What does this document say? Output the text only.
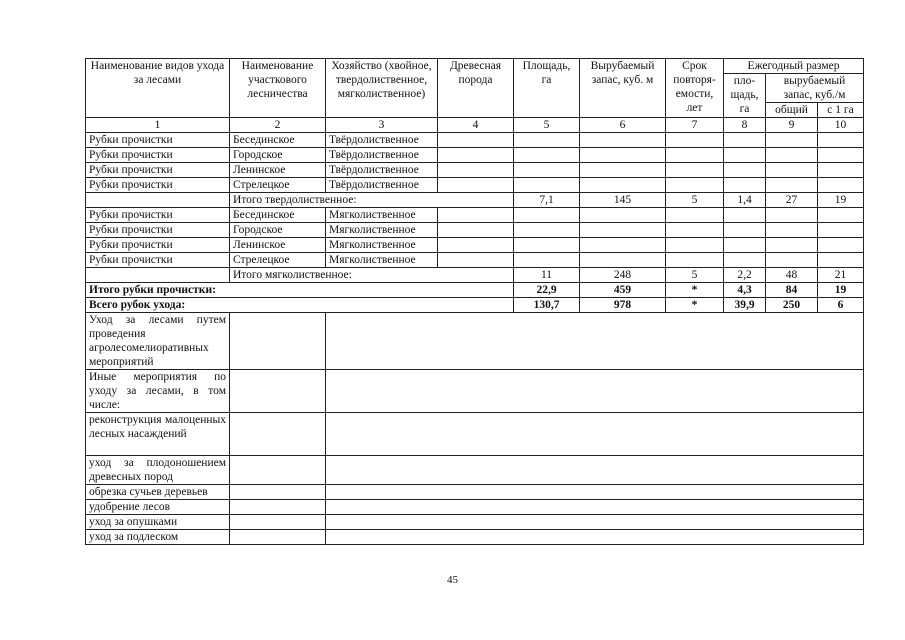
Наименование видов ухода за лесами	Наименование участкового лесничества	Хозяйство (хвойное, твердолиственное, мягколиственное)	Древесная порода	Площадь, га	Вырубаемый запас, куб. м	Срок повторя-емости, лет	Ежегодный размер		
							пло-щадь, га	вырубаемый запас, куб./м	

								общий	с 1 га
1	2	3	4	5	6	7	8	9	10
Рубки прочистки	Бесединское	Твёрдолиственное							
Рубки прочистки	Городское	Твёрдолиственное							
Рубки прочистки	Ленинское	Твёрдолиственное							
Рубки прочистки	Стрелецкое	Твёрдолиственное							
	Итого твердолиственное:			7,1	145	5	1,4	27	19
Рубки прочистки	Бесединское	Мягколиственное							
Рубки прочистки	Городское	Мягколиственное							
Рубки прочистки	Ленинское	Мягколиственное							
Рубки прочистки	Стрелецкое	Мягколиственное							
	Итого мягколиственное:			11	248	5	2,2	48	21
Итого рубки прочистки:				22,9	459	*	4,3	84	19
Всего рубок ухода:				130,7	978	*	39,9	250	6
Уход за лесами путем проведения агролесомелиоративных мероприятий									
Иные мероприятия по уходу за лесами, в том числе:									
реконструкция малоценных лесных насаждений									
уход за плодоношением древесных пород									
обрезка сучьев деревьев									
удобрение лесов									
уход за опушками									
уход за подлеском									
45
